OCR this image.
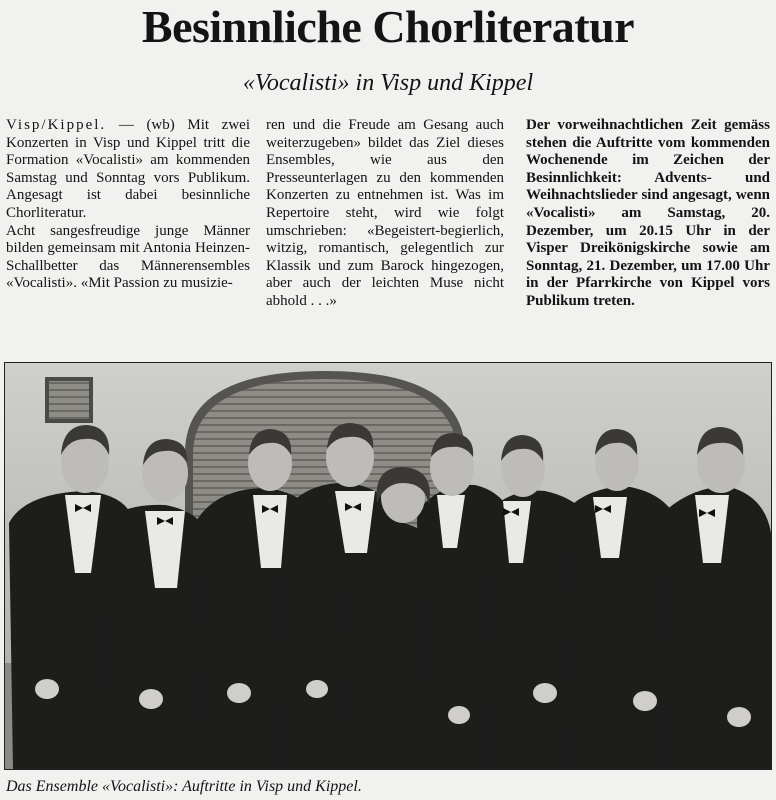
Besinnliche Chorliteratur
«Vocalisti» in Visp und Kippel

Visp/Kippel. — (wb) Mit zwei Konzerten in Visp und Kippel tritt die Formation «Vocalisti» am kommenden Samstag und Sonntag vors Publikum. Angesagt ist dabei besinnliche Chorliteratur.

Acht sangesfreudige junge Männer bilden gemeinsam mit Antonia Heinzen-Schallbetter das Männerensembles «Vocalisti». «Mit Passion zu musizie-

ren und die Freude am Gesang auch weiterzugeben» bildet das Ziel dieses Ensembles, wie aus den Presseunterlagen zu den kommenden Konzerten zu entnehmen ist. Was im Repertoire steht, wird wie folgt umschrieben: «Begeistert-begierlich, witzig, romantisch, gelegentlich zur Klassik und zum Barock hingezogen, aber auch der leichten Muse nicht abhold . . .»

Der vorweihnachtlichen Zeit gemäss stehen die Auftritte vom kommenden Wochenende im Zeichen der Besinnlichkeit: Advents- und Weihnachtslieder sind angesagt, wenn «Vocalisti» am Samstag, 20. Dezember, um 20.15 Uhr in der Visper Dreikönigskirche sowie am Sonntag, 21. Dezember, um 17.00 Uhr in der Pfarrkirche von Kippel vors Publikum treten.

Das Ensemble «Vocalisti»: Auftritte in Visp und Kippel.
